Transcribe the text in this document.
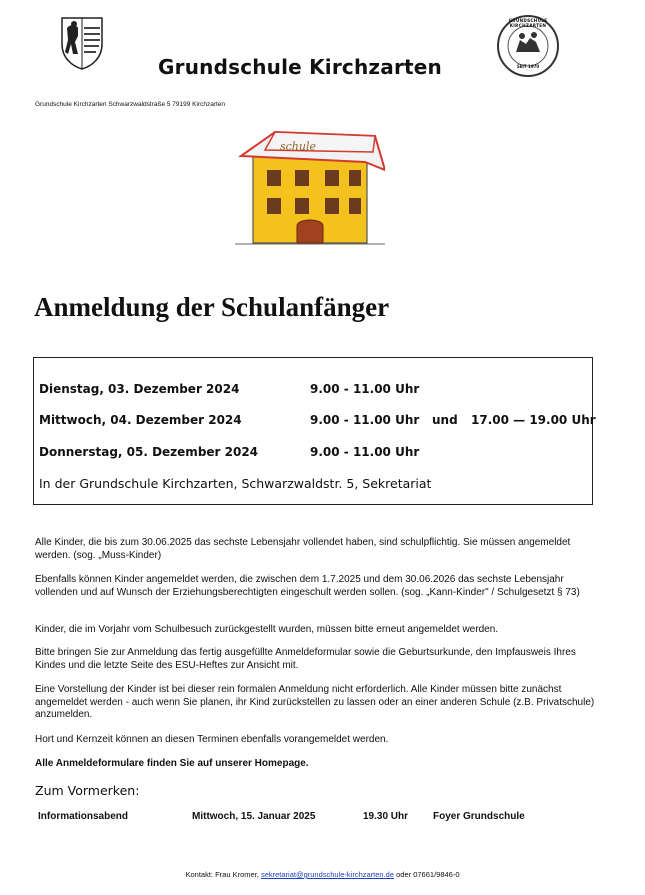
GRUNDSCHULE KIRCHZARTEN
SEIT 1970
Grundschule Kirchzarten
Grundschule Kirchzarten Schwarzwaldstraße 5 79199 Kirchzarten
schule
Anmeldung der Schulanfänger
Dienstag, 03. Dezember 2024	9.00 - 11.00 Uhr
Mittwoch, 04. Dezember 2024	9.00 - 11.00 Uhr und 17.00 — 19.00 Uhr
Donnerstag, 05. Dezember 2024	9.00 - 11.00 Uhr
In der Grundschule Kirchzarten, Schwarzwaldstr. 5, Sekretariat
Alle Kinder, die bis zum 30.06.2025 das sechste Lebensjahr vollendet haben, sind schulpflichtig. Sie müssen angemeldet werden. (sog. „Muss-Kinder)
Ebenfalls können Kinder angemeldet werden, die zwischen dem 1.7.2025 und dem 30.06.2026 das sechste Lebensjahr vollenden und auf Wunsch der Erziehungsberechtigten eingeschult werden sollen. (sog. „Kann-Kinder" / Schulgesetzt § 73)
Kinder, die im Vorjahr vom Schulbesuch zurückgestellt wurden, müssen bitte erneut angemeldet werden.
Bitte bringen Sie zur Anmeldung das fertig ausgefüllte Anmeldeformular sowie die Geburtsurkunde, den Impfausweis Ihres Kindes und die letzte Seite des ESU-Heftes zur Ansicht mit.
Eine Vorstellung der Kinder ist bei dieser rein formalen Anmeldung nicht erforderlich. Alle Kinder müssen bitte zunächst angemeldet werden - auch wenn Sie planen, ihr Kind zurückstellen zu lassen oder an einer anderen Schule (z.B. Privatschule) anzumelden.
Hort und Kernzeit können an diesen Terminen ebenfalls vorangemeldet werden.
Alle Anmeldeformulare finden Sie auf unserer Homepage.
Zum Vormerken:
Informationsabend	Mittwoch, 15. Januar 2025	19.30 Uhr Foyer Grundschule
Kontakt: Frau Kromer, sekretariat@grundschule-kirchzarten.de oder 07661/9846-0
